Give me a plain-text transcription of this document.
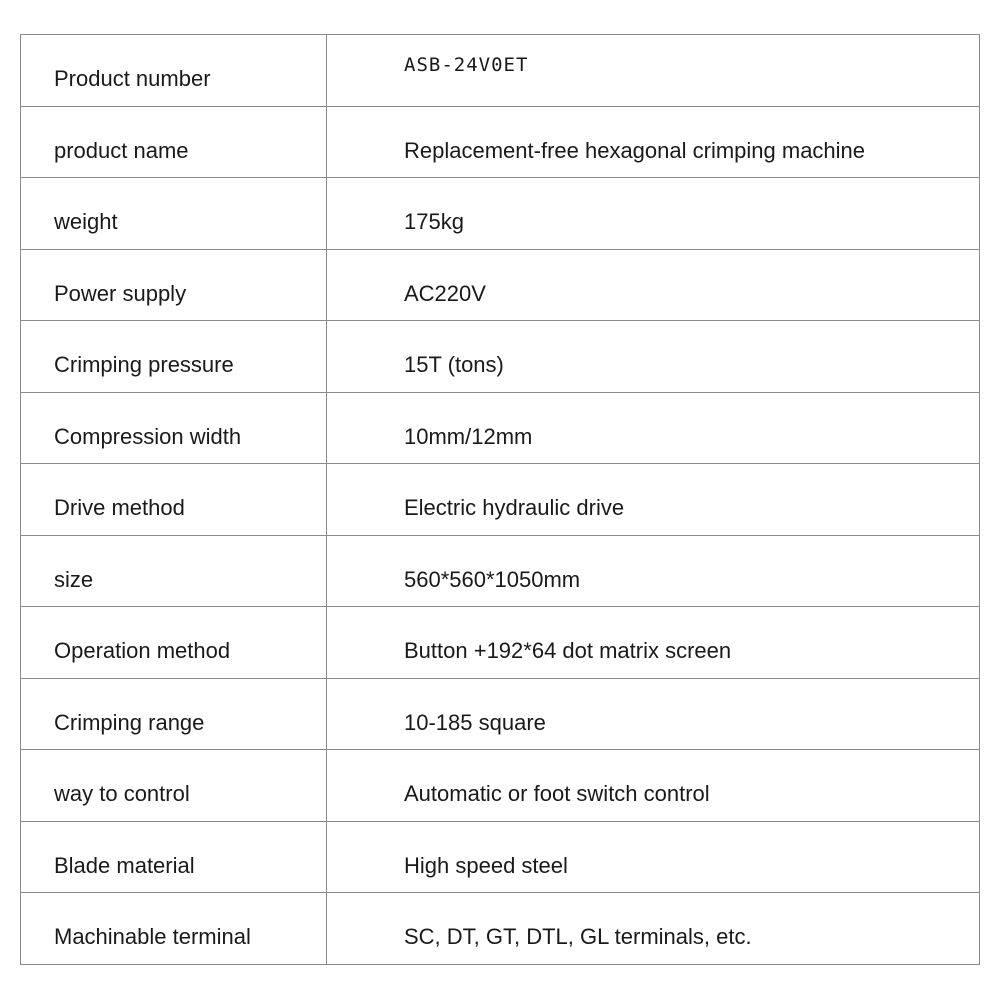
Product number	ASB-24V0ET
product name	Replacement-free hexagonal crimping machine
weight	175kg
Power supply	AC220V
Crimping pressure	15T (tons)
Compression width	10mm/12mm
Drive method	Electric hydraulic drive
size	560*560*1050mm
Operation method	Button +192*64 dot matrix screen
Crimping range	10-185 square
way to control	Automatic or foot switch control
Blade material	High speed steel
Machinable terminal	SC, DT, GT, DTL, GL terminals, etc.
